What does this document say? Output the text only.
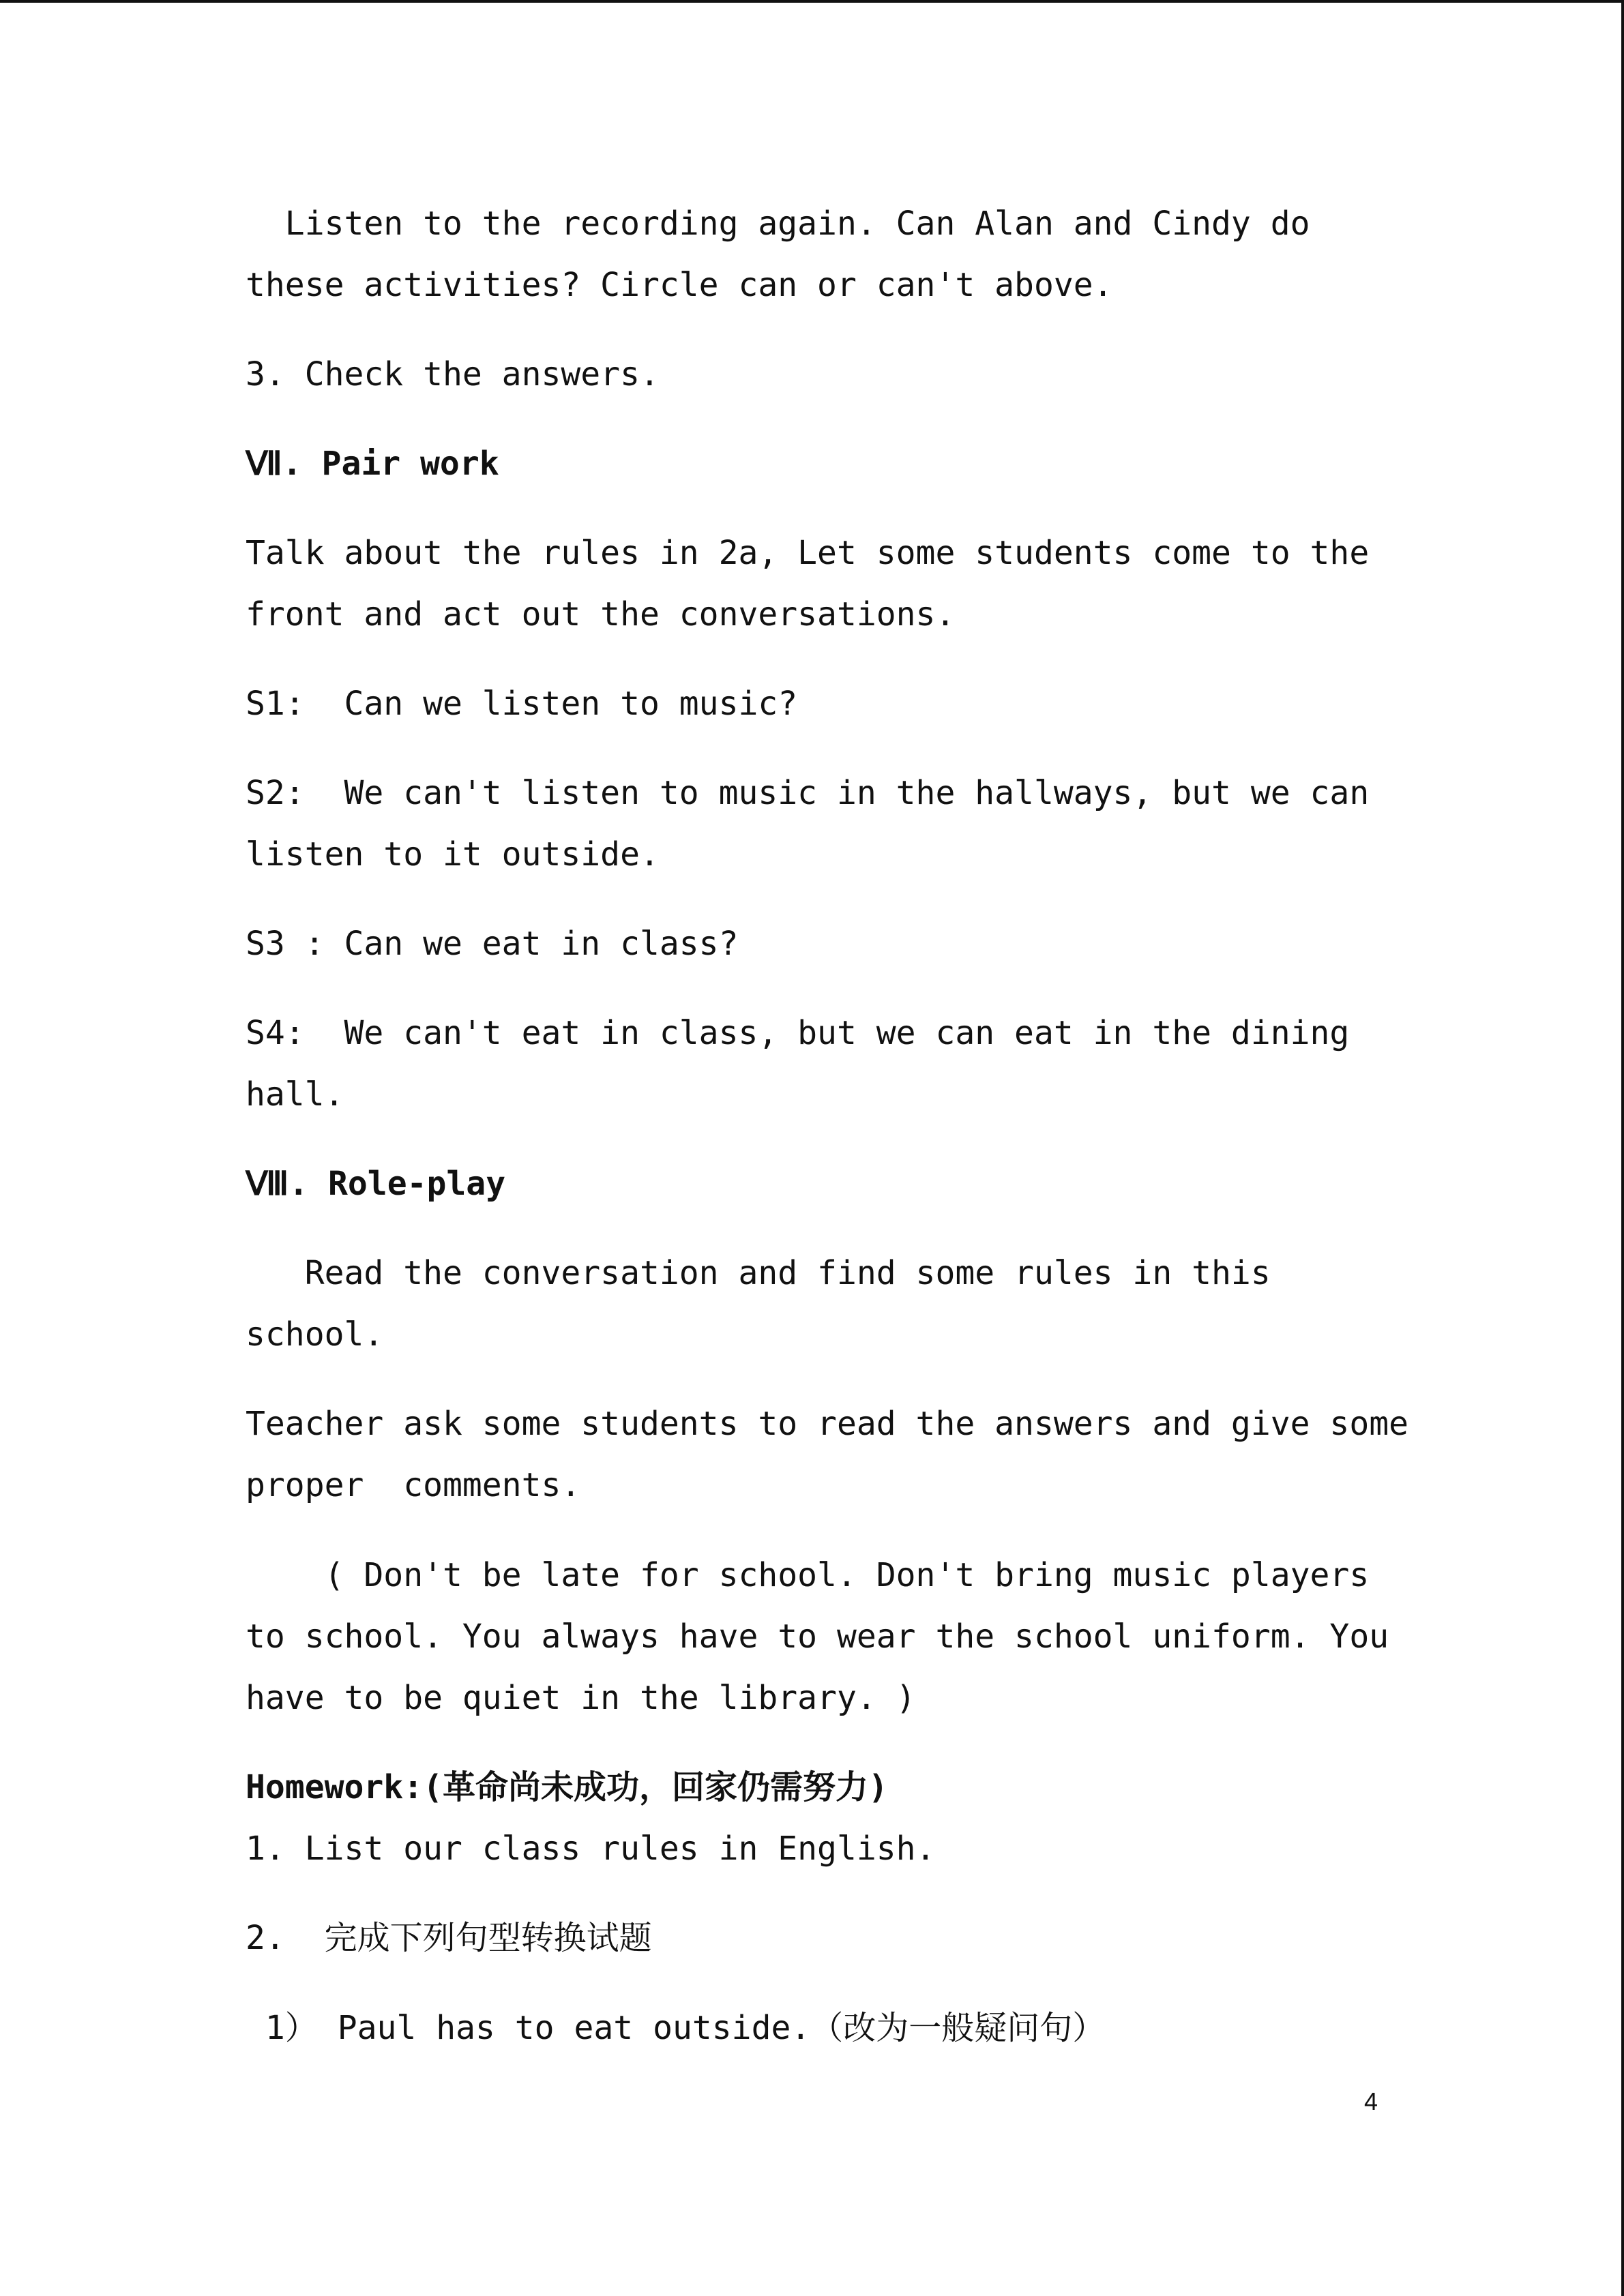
Listen to the recording again. Can Alan and Cindy do
these activities? Circle can or can't above.
3. Check the answers.
Ⅶ. Pair work
Talk about the rules in 2a, Let some students come to the
front and act out the conversations.
S1:  Can we listen to music?
S2:  We can't listen to music in the hallways, but we can
listen to it outside.
S3 : Can we eat in class?
S4:  We can't eat in class, but we can eat in the dining
hall.
Ⅷ. Role-play
Read the conversation and find some rules in this
school.
Teacher ask some students to read the answers and give some
proper  comments.
( Don't be late for school. Don't bring music players
to school. You always have to wear the school uniform. You
have to be quiet in the library. )
Homework:(革命尚未成功，回家仍需努力)
1. List our class rules in English.
2.  完成下列句型转换试题
1） Paul has to eat outside.（改为一般疑问句）
4
